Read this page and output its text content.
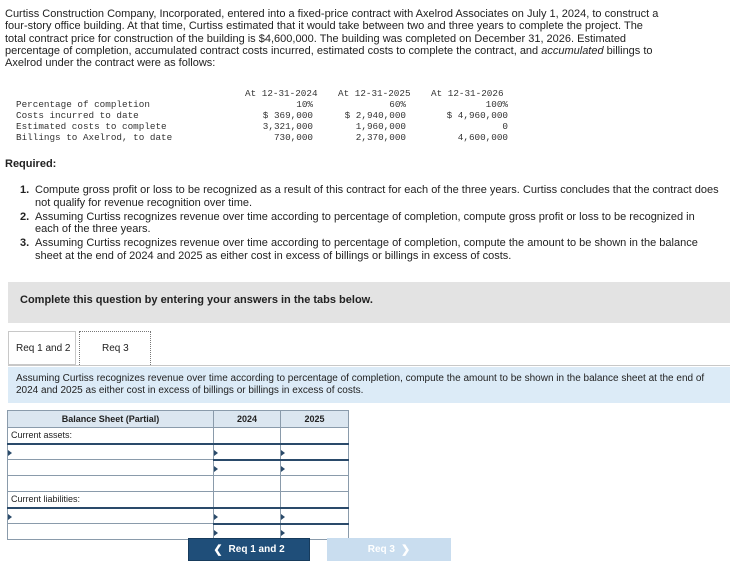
Curtiss Construction Company, Incorporated, entered into a fixed-price contract with Axelrod Associates on July 1, 2024, to construct a
four-story office building. At that time, Curtiss estimated that it would take between two and three years to complete the project. The
total contract price for construction of the building is $4,600,000. The building was completed on December 31, 2026. Estimated
percentage of completion, accumulated contract costs incurred, estimated costs to complete the contract, and accumulated billings to
Axelrod under the contract were as follows:
At 12-31-2024 At 12-31-2025 At 12-31-2026
Percentage of completion	10%	60%	100%
Costs incurred to date	$ 369,000	$ 2,940,000	$ 4,960,000
Estimated costs to complete	3,321,000	1,960,000	0
Billings to Axelrod, to date	730,000	2,370,000	4,600,000
Required:
1. Compute gross profit or loss to be recognized as a result of this contract for each of the three years. Curtiss concludes that the contract does not qualify for revenue recognition over time.
2. Assuming Curtiss recognizes revenue over time according to percentage of completion, compute gross profit or loss to be recognized in each of the three years.
3. Assuming Curtiss recognizes revenue over time according to percentage of completion, compute the amount to be shown in the balance sheet at the end of 2024 and 2025 as either cost in excess of billings or billings in excess of costs.
Complete this question by entering your answers in the tabs below.
Req 1 and 2	Req 3
Assuming Curtiss recognizes revenue over time according to percentage of completion, compute the amount to be shown in the balance sheet at the end of 2024 and 2025 as either cost in excess of billings or billings in excess of costs.
Balance Sheet (Partial)	2024	2025
Current assets:		

Current liabilities:		

❮ Req 1 and 2	Req 3 ❯
